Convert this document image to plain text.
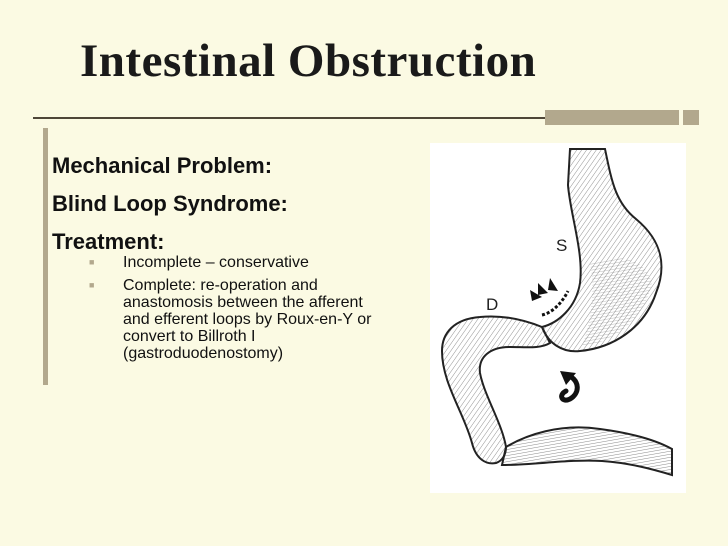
Intestinal Obstruction
Mechanical Problem:
Blind Loop Syndrome:
Treatment:
■	Incomplete – conservative
■	Complete: re-operation and anastomosis between the afferent and efferent loops by Roux-en-Y or convert to Billroth I (gastroduodenostomy)
S
D
